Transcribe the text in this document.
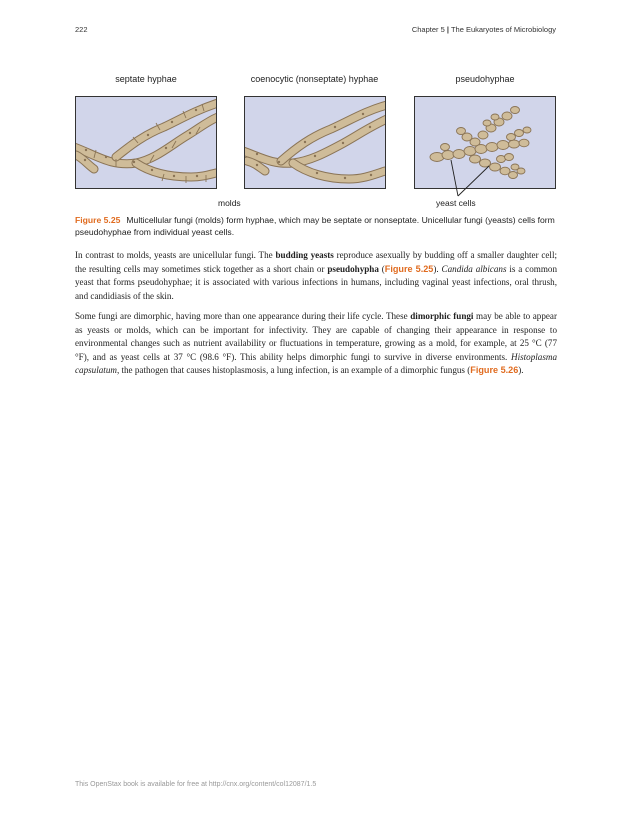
222	Chapter 5 | The Eukaryotes of Microbiology
septate hyphae	coenocytic (nonseptate) hyphae	pseudohyphae
molds	yeast cells
Figure 5.25 Multicellular fungi (molds) form hyphae, which may be septate or nonseptate. Unicellular fungi (yeasts) cells form pseudohyphae from individual yeast cells.

In contrast to molds, yeasts are unicellular fungi. The budding yeasts reproduce asexually by budding off a smaller daughter cell; the resulting cells may sometimes stick together as a short chain or pseudohypha (Figure 5.25). Candida albicans is a common yeast that forms pseudohyphae; it is associated with various infections in humans, including vaginal yeast infections, oral thrush, and candidiasis of the skin.

Some fungi are dimorphic, having more than one appearance during their life cycle. These dimorphic fungi may be able to appear as yeasts or molds, which can be important for infectivity. They are capable of changing their appearance in response to environmental changes such as nutrient availability or fluctuations in temperature, growing as a mold, for example, at 25 °C (77 °F), and as yeast cells at 37 °C (98.6 °F). This ability helps dimorphic fungi to survive in diverse environments. Histoplasma capsulatum, the pathogen that causes histoplasmosis, a lung infection, is an example of a dimorphic fungus (Figure 5.26).

This OpenStax book is available for free at http://cnx.org/content/col12087/1.5
